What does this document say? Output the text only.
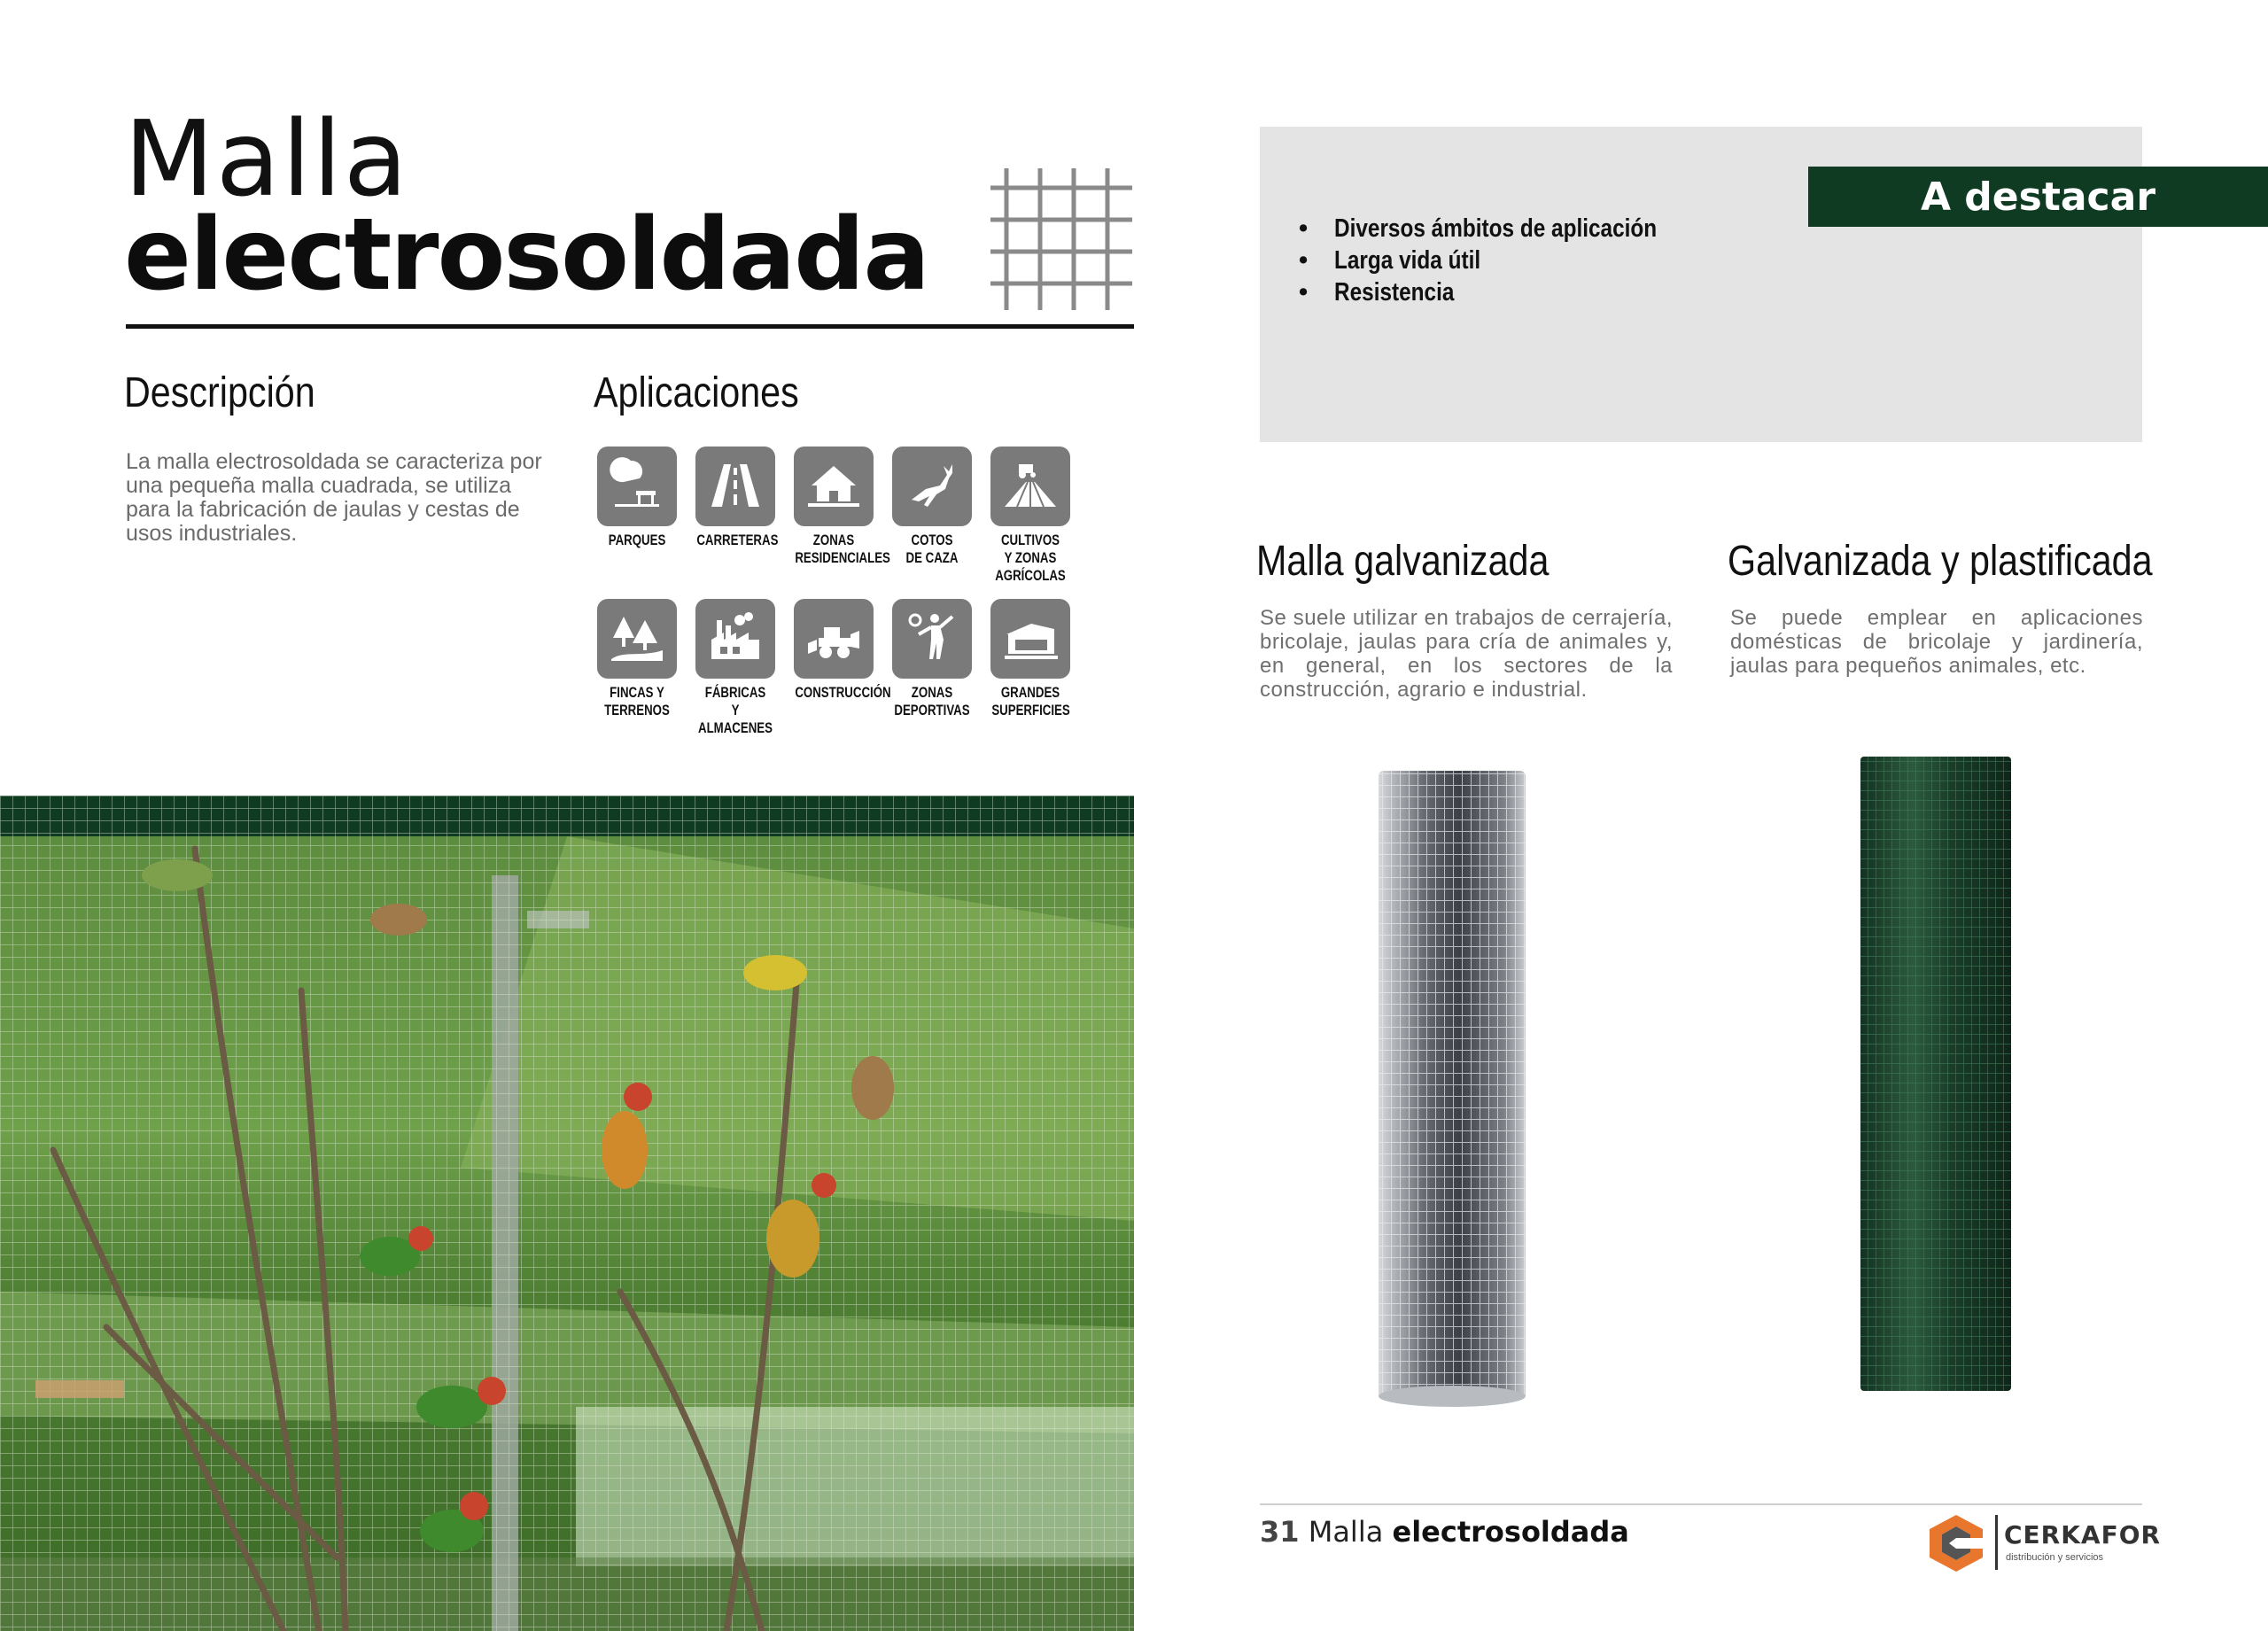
Malla
electrosoldada
Descripción
La malla electrosoldada se caracteriza por una pequeña malla cuadrada, se utiliza para la fabricación de jaulas y cestas de usos industriales.
Aplicaciones
PARQUES	CARRETERAS	ZONAS
RESIDENCIALES
COTOS
DE CAZA
CULTIVOS
Y ZONAS
AGRÍCOLAS
FINCAS Y
TERRENOS
FÁBRICAS
Y ALMACENES
CONSTRUCCIÓN	ZONAS
DEPORTIVAS
GRANDES
SUPERFICIES
• Diversos ámbitos de aplicación
• Larga vida útil
• Resistencia
A destacar
Malla galvanizada
Se suele utilizar en trabajos de cerrajería, bricolaje, jaulas para cría de animales y, en general, en los sectores de la construcción, agrario e industrial.
Galvanizada y plastificada
Se puede emplear en aplicaciones domésticas de bricolaje y jardinería, jaulas para pequeños animales, etc.
31 Malla electrosoldada	CERKAFOR
distribución y servicios
